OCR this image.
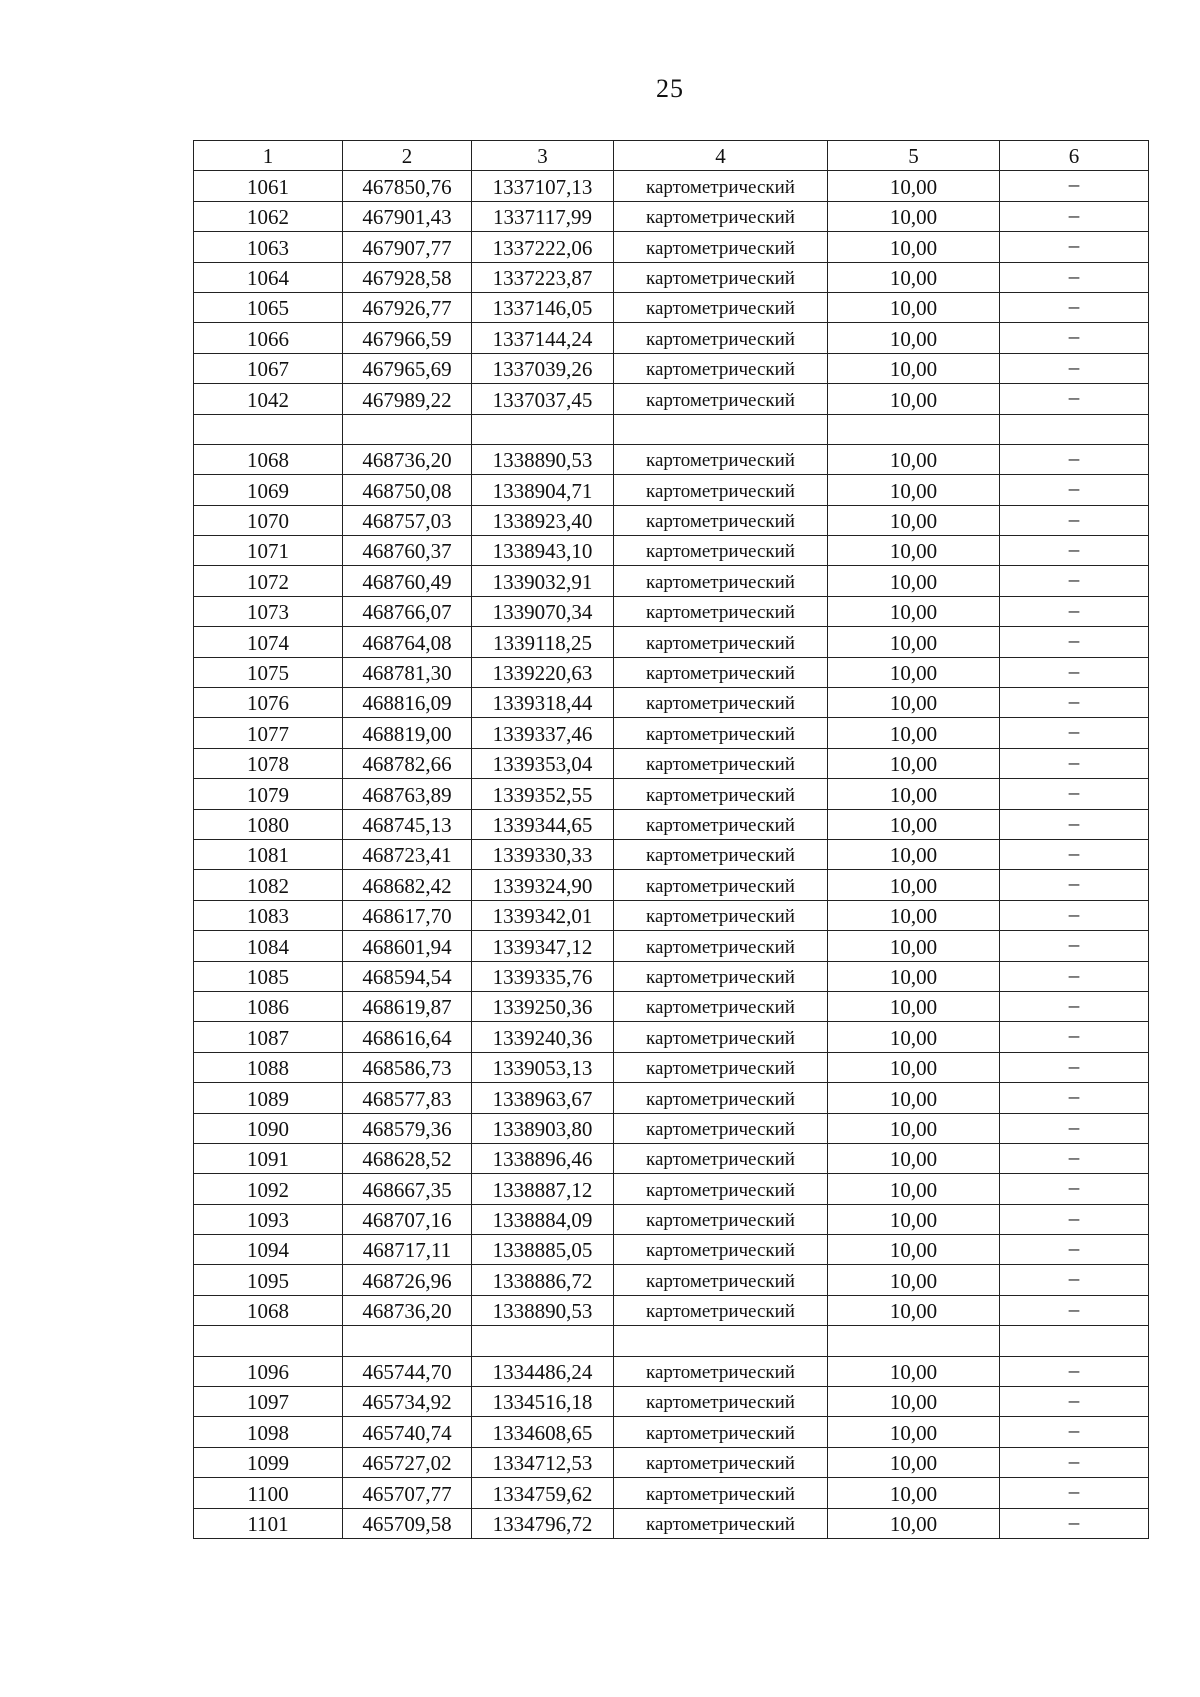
25
1	2	3	4	5	6
1061	467850,76	1337107,13	картометрический	10,00	–
1062	467901,43	1337117,99	картометрический	10,00	–
1063	467907,77	1337222,06	картометрический	10,00	–
1064	467928,58	1337223,87	картометрический	10,00	–
1065	467926,77	1337146,05	картометрический	10,00	–
1066	467966,59	1337144,24	картометрический	10,00	–
1067	467965,69	1337039,26	картометрический	10,00	–
1042	467989,22	1337037,45	картометрический	10,00	–

1068	468736,20	1338890,53	картометрический	10,00	–
1069	468750,08	1338904,71	картометрический	10,00	–
1070	468757,03	1338923,40	картометрический	10,00	–
1071	468760,37	1338943,10	картометрический	10,00	–
1072	468760,49	1339032,91	картометрический	10,00	–
1073	468766,07	1339070,34	картометрический	10,00	–
1074	468764,08	1339118,25	картометрический	10,00	–
1075	468781,30	1339220,63	картометрический	10,00	–
1076	468816,09	1339318,44	картометрический	10,00	–
1077	468819,00	1339337,46	картометрический	10,00	–
1078	468782,66	1339353,04	картометрический	10,00	–
1079	468763,89	1339352,55	картометрический	10,00	–
1080	468745,13	1339344,65	картометрический	10,00	–
1081	468723,41	1339330,33	картометрический	10,00	–
1082	468682,42	1339324,90	картометрический	10,00	–
1083	468617,70	1339342,01	картометрический	10,00	–
1084	468601,94	1339347,12	картометрический	10,00	–
1085	468594,54	1339335,76	картометрический	10,00	–
1086	468619,87	1339250,36	картометрический	10,00	–
1087	468616,64	1339240,36	картометрический	10,00	–
1088	468586,73	1339053,13	картометрический	10,00	–
1089	468577,83	1338963,67	картометрический	10,00	–
1090	468579,36	1338903,80	картометрический	10,00	–
1091	468628,52	1338896,46	картометрический	10,00	–
1092	468667,35	1338887,12	картометрический	10,00	–
1093	468707,16	1338884,09	картометрический	10,00	–
1094	468717,11	1338885,05	картометрический	10,00	–
1095	468726,96	1338886,72	картометрический	10,00	–
1068	468736,20	1338890,53	картометрический	10,00	–

1096	465744,70	1334486,24	картометрический	10,00	–
1097	465734,92	1334516,18	картометрический	10,00	–
1098	465740,74	1334608,65	картометрический	10,00	–
1099	465727,02	1334712,53	картометрический	10,00	–
1100	465707,77	1334759,62	картометрический	10,00	–
1101	465709,58	1334796,72	картометрический	10,00	–
